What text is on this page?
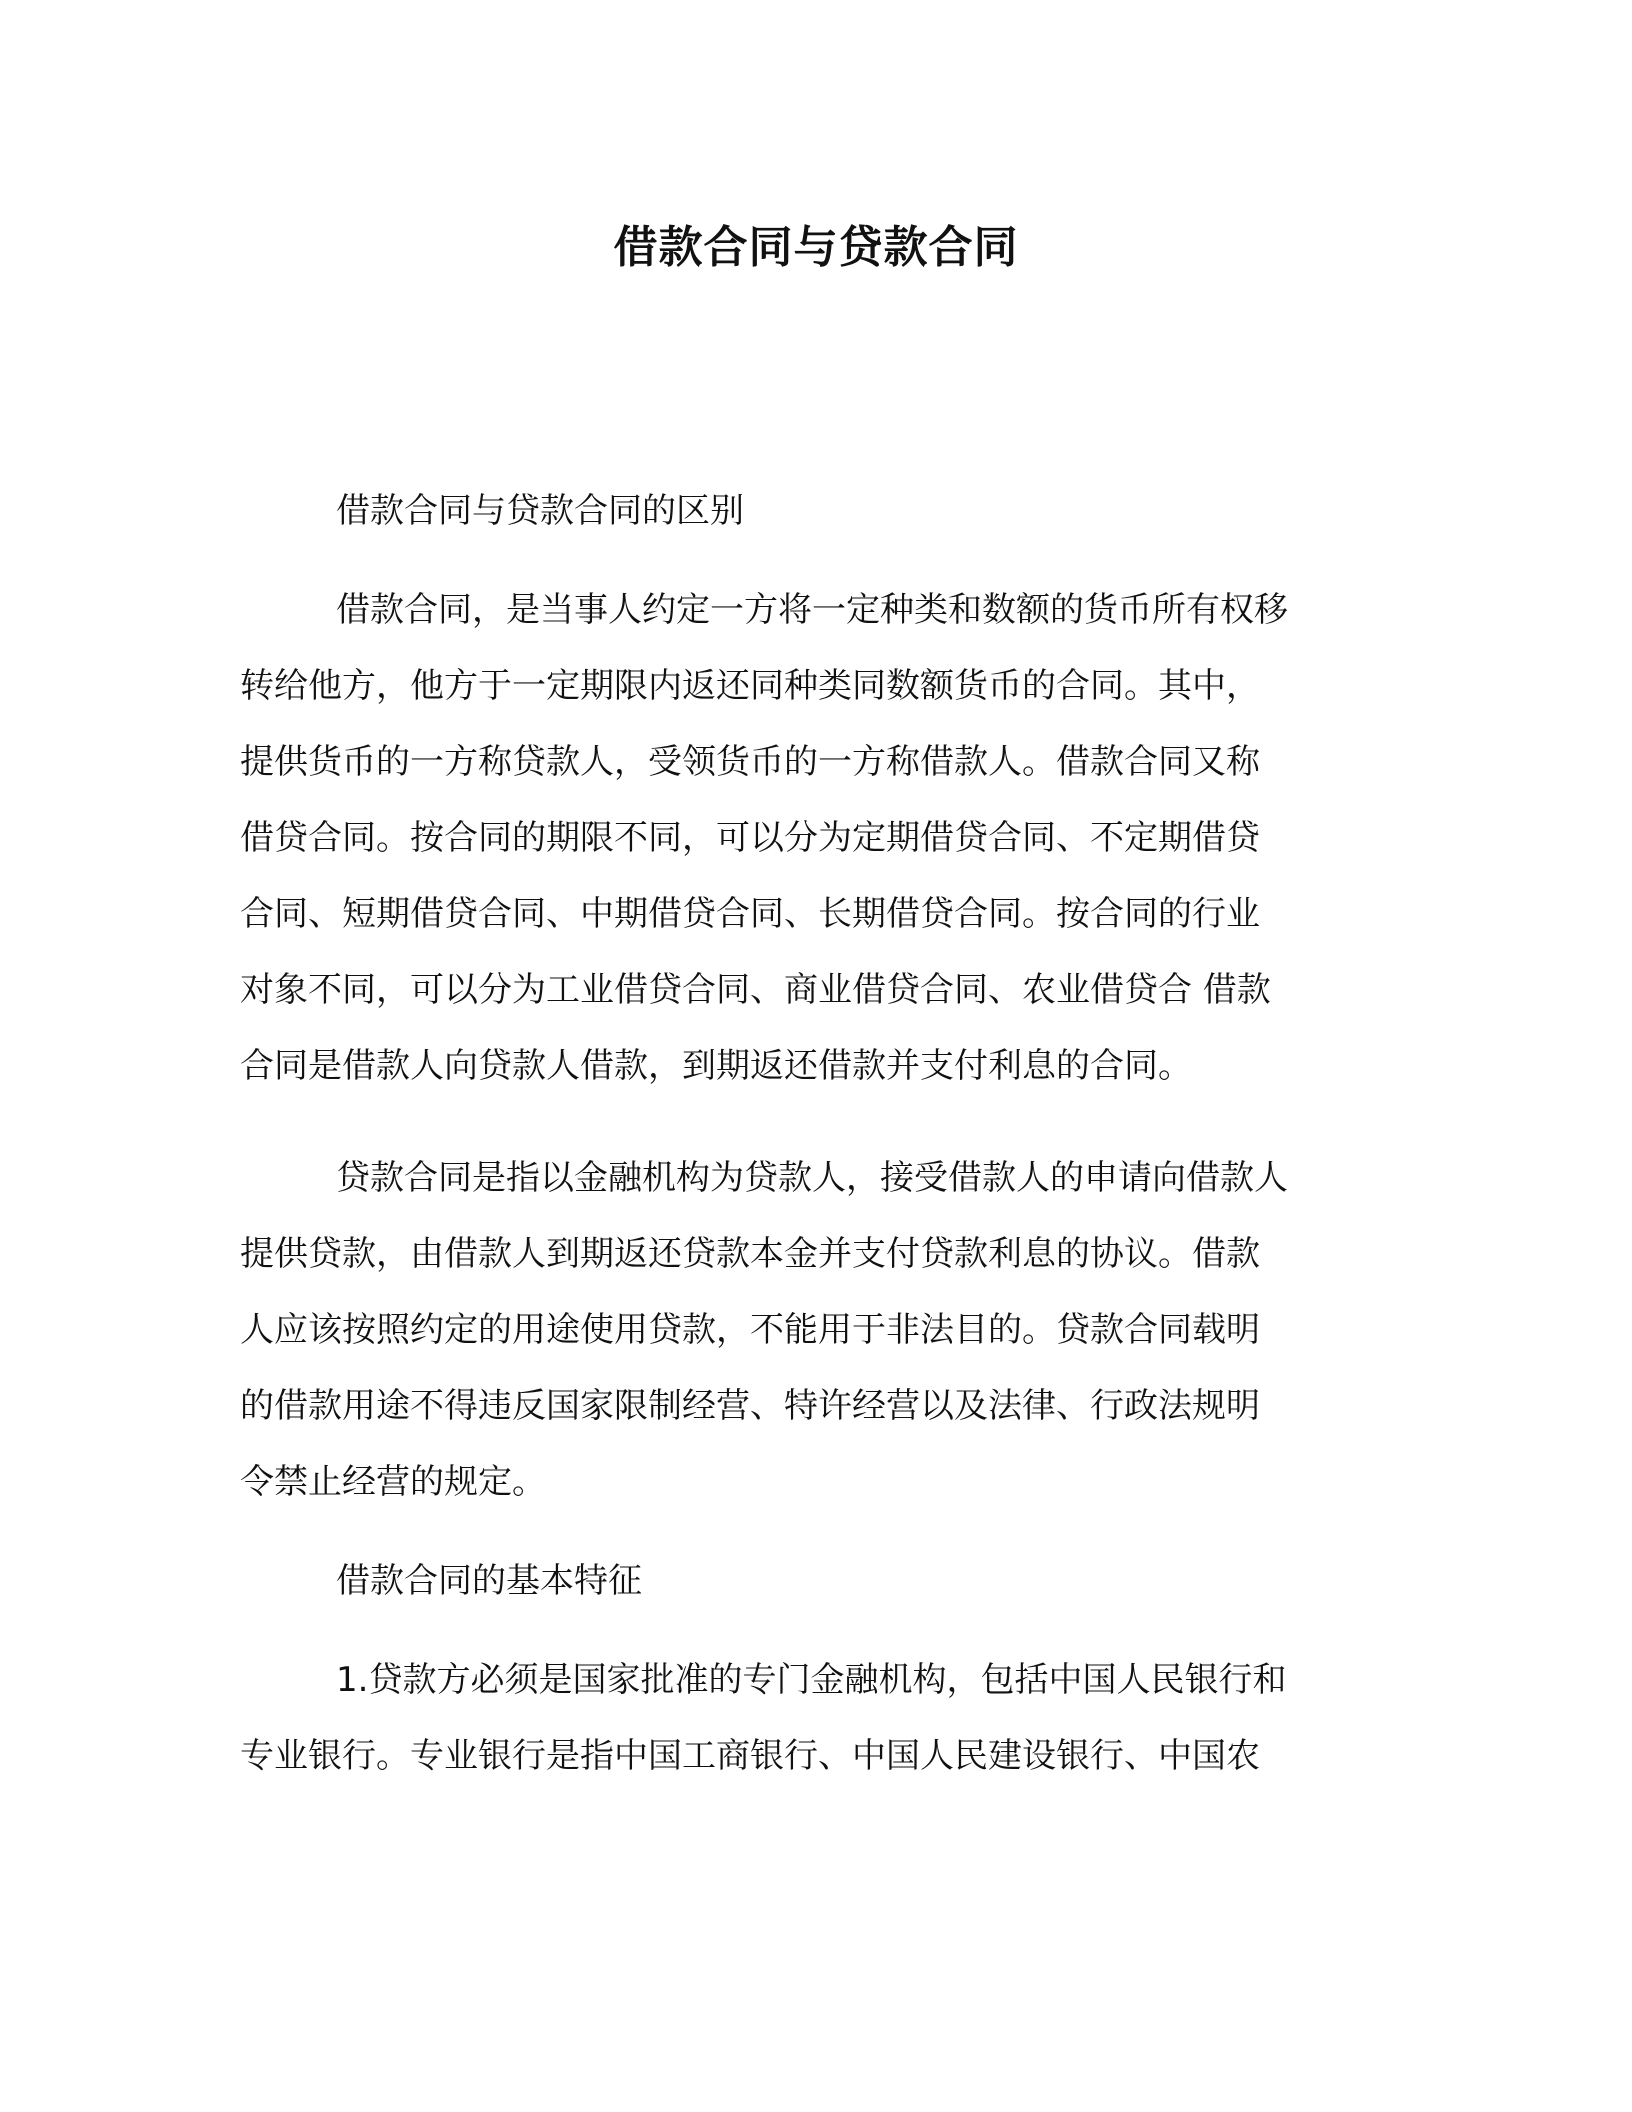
借款合同与贷款合同
借款合同与贷款合同的区别
借款合同，是当事人约定一方将一定种类和数额的货币所有权移
转给他方，他方于一定期限内返还同种类同数额货币的合同。其中，
提供货币的一方称贷款人，受领货币的一方称借款人。借款合同又称
借贷合同。按合同的期限不同，可以分为定期借贷合同、不定期借贷
合同、短期借贷合同、中期借贷合同、长期借贷合同。按合同的行业
对象不同，可以分为工业借贷合同、商业借贷合同、农业借贷合 借款
合同是借款人向贷款人借款，到期返还借款并支付利息的合同。
贷款合同是指以金融机构为贷款人，接受借款人的申请向借款人
提供贷款，由借款人到期返还贷款本金并支付贷款利息的协议。借款
人应该按照约定的用途使用贷款，不能用于非法目的。贷款合同载明
的借款用途不得违反国家限制经营、特许经营以及法律、行政法规明
令禁止经营的规定。
借款合同的基本特征
1.贷款方必须是国家批准的专门金融机构，包括中国人民银行和
专业银行。专业银行是指中国工商银行、中国人民建设银行、中国农
